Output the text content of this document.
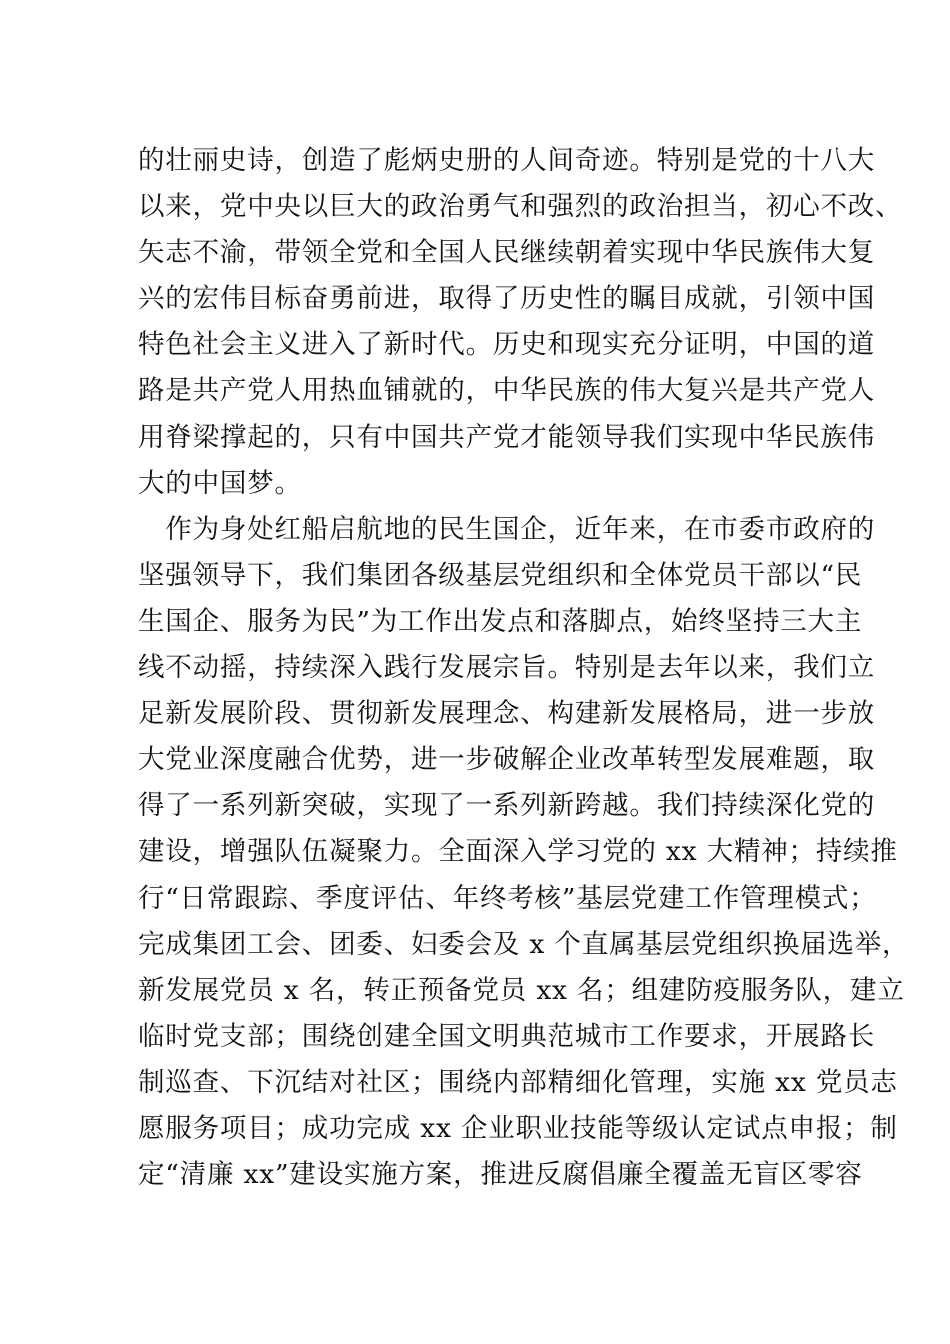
的壮丽史诗，创造了彪炳史册的人间奇迹。特别是党的十八大
以来，党中央以巨大的政治勇气和强烈的政治担当，初心不改、
矢志不渝，带领全党和全国人民继续朝着实现中华民族伟大复
兴的宏伟目标奋勇前进，取得了历史性的瞩目成就，引领中国
特色社会主义进入了新时代。历史和现实充分证明，中国的道
路是共产党人用热血铺就的，中华民族的伟大复兴是共产党人
用脊梁撑起的，只有中国共产党才能领导我们实现中华民族伟
大的中国梦。
　作为身处红船启航地的民生国企，近年来，在市委市政府的
坚强领导下，我们集团各级基层党组织和全体党员干部以“民
生国企、服务为民”为工作出发点和落脚点，始终坚持三大主
线不动摇，持续深入践行发展宗旨。特别是去年以来，我们立
足新发展阶段、贯彻新发展理念、构建新发展格局，进一步放
大党业深度融合优势，进一步破解企业改革转型发展难题，取
得了一系列新突破，实现了一系列新跨越。我们持续深化党的
建设，增强队伍凝聚力。全面深入学习党的 xx 大精神；持续推
行“日常跟踪、季度评估、年终考核”基层党建工作管理模式；
完成集团工会、团委、妇委会及 x 个直属基层党组织换届选举，
新发展党员 x 名，转正预备党员 xx 名；组建防疫服务队，建立
临时党支部；围绕创建全国文明典范城市工作要求，开展路长
制巡查、下沉结对社区；围绕内部精细化管理，实施 xx 党员志
愿服务项目；成功完成 xx 企业职业技能等级认定试点申报；制
定“清廉 xx”建设实施方案，推进反腐倡廉全覆盖无盲区零容
